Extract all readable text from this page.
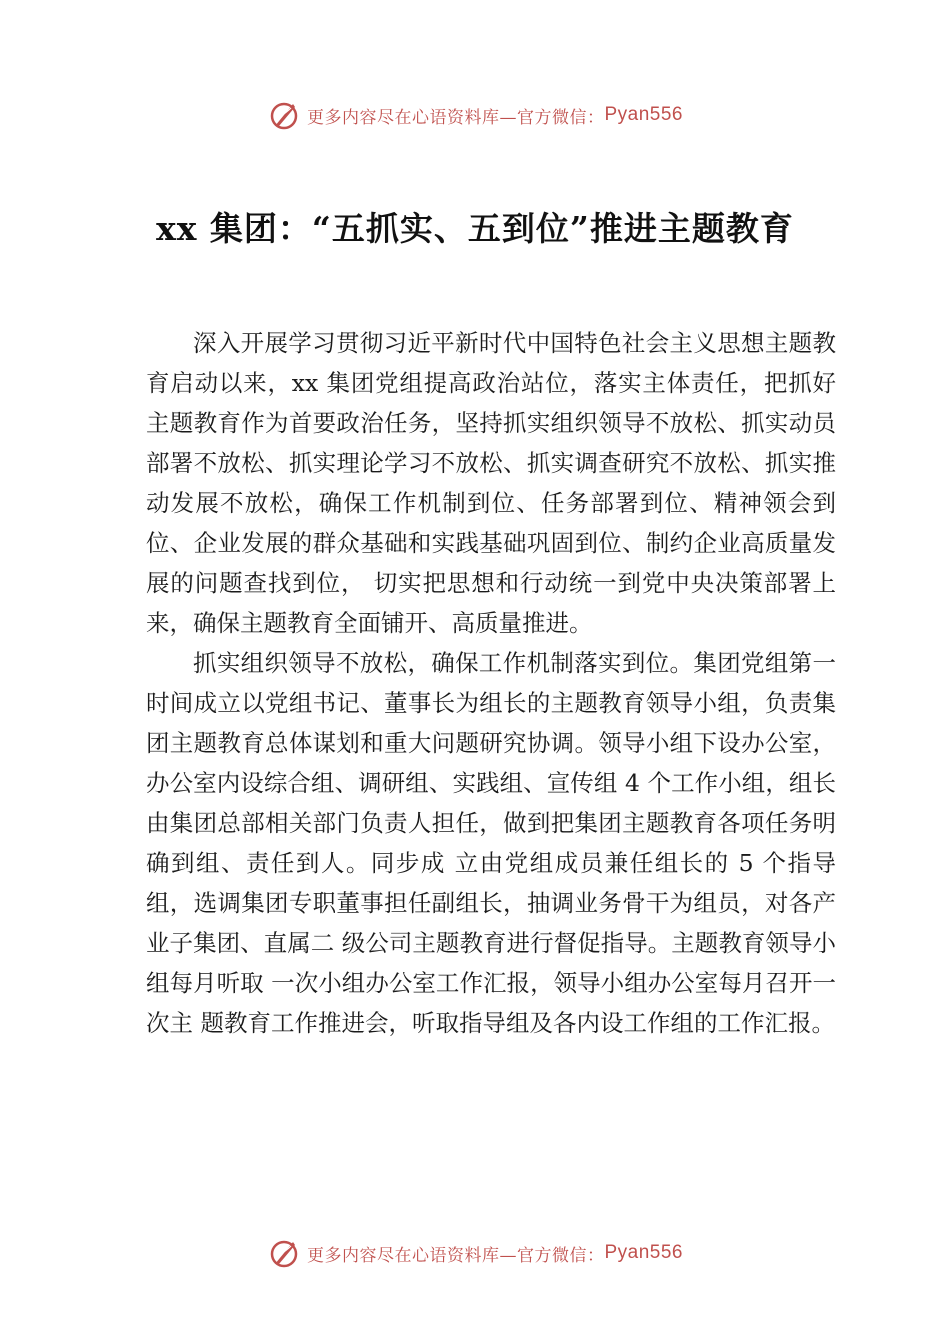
更多内容尽在心语资料库—官方微信： Pyan556
xx 集团：“五抓实、五到位”推进主题教育

深入开展学习贯彻习近平新时代中国特色社会主义思想主题教育启动以来，xx 集团党组提高政治站位，落实主体责任，把抓好主题教育作为首要政治任务，坚持抓实组织领导不放松、抓实动员部署不放松、抓实理论学习不放松、抓实调查研究不放松、抓实推动发展不放松，确保工作机制到位、任务部署到位、精神领会到位、企业发展的群众基础和实践基础巩固到位、制约企业高质量发展的问题查找到位， 切实把思想和行动统一到党中央决策部署上来，确保主题教育全面铺开、高质量推进。

抓实组织领导不放松，确保工作机制落实到位。集团党组第一时间成立以党组书记、董事长为组长的主题教育领导小组，负责集团主题教育总体谋划和重大问题研究协调。领导小组下设办公室，办公室内设综合组、调研组、实践组、宣传组 4 个工作小组，组长由集团总部相关部门负责人担任，做到把集团主题教育各项任务明确到组、责任到人。同步成 立由党组成员兼任组长的 5 个指导组，选调集团专职董事担任副组长，抽调业务骨干为组员，对各产业子集团、直属二 级公司主题教育进行督促指导。主题教育领导小组每月听取 一次小组办公室工作汇报，领导小组办公室每月召开一次主 题教育工作推进会，听取指导组及各内设工作组的工作汇报。

更多内容尽在心语资料库—官方微信： Pyan556
